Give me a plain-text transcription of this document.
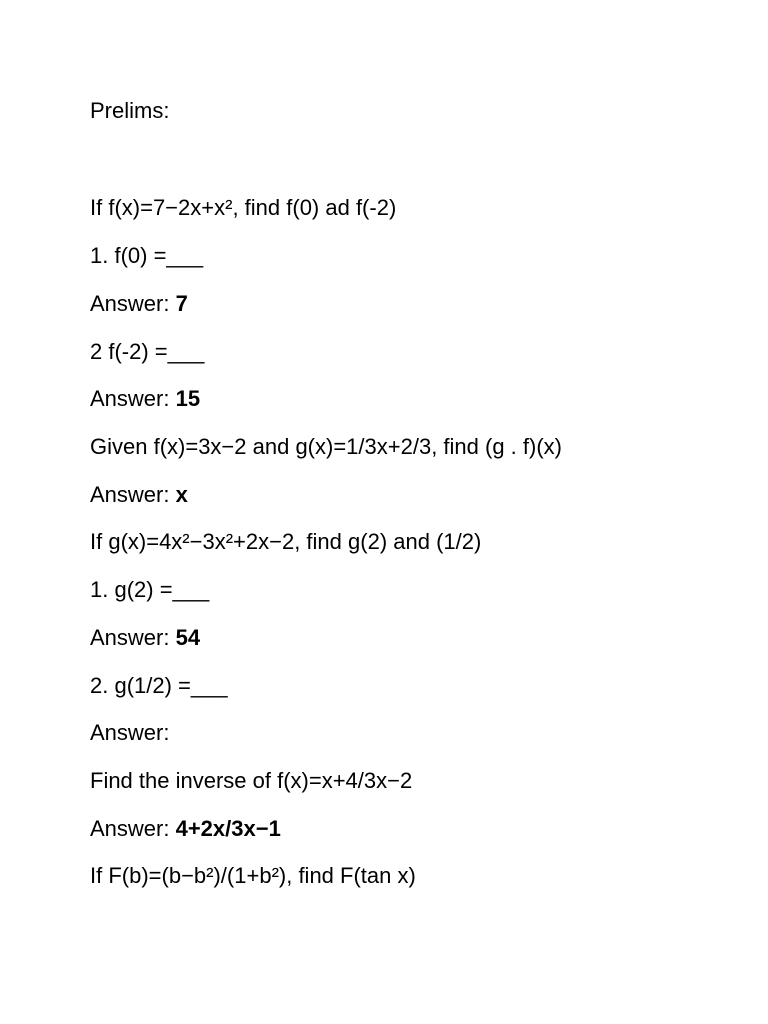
Prelims:
If f(x)=7−2x+x², find f(0) ad f(-2)
1. f(0) =___
Answer: 7
2 f(-2) =___
Answer: 15
Given f(x)=3x−2 and g(x)=1/3x+2/3, find (g . f)(x)
Answer: x
If g(x)=4x²−3x²+2x−2, find g(2) and (1/2)
1. g(2) =___
Answer: 54
2. g(1/2) =___
Answer:
Find the inverse of f(x)=x+4/3x−2
Answer: 4+2x/3x−1
If F(b)=(b−b²)/(1+b²), find F(tan x)
